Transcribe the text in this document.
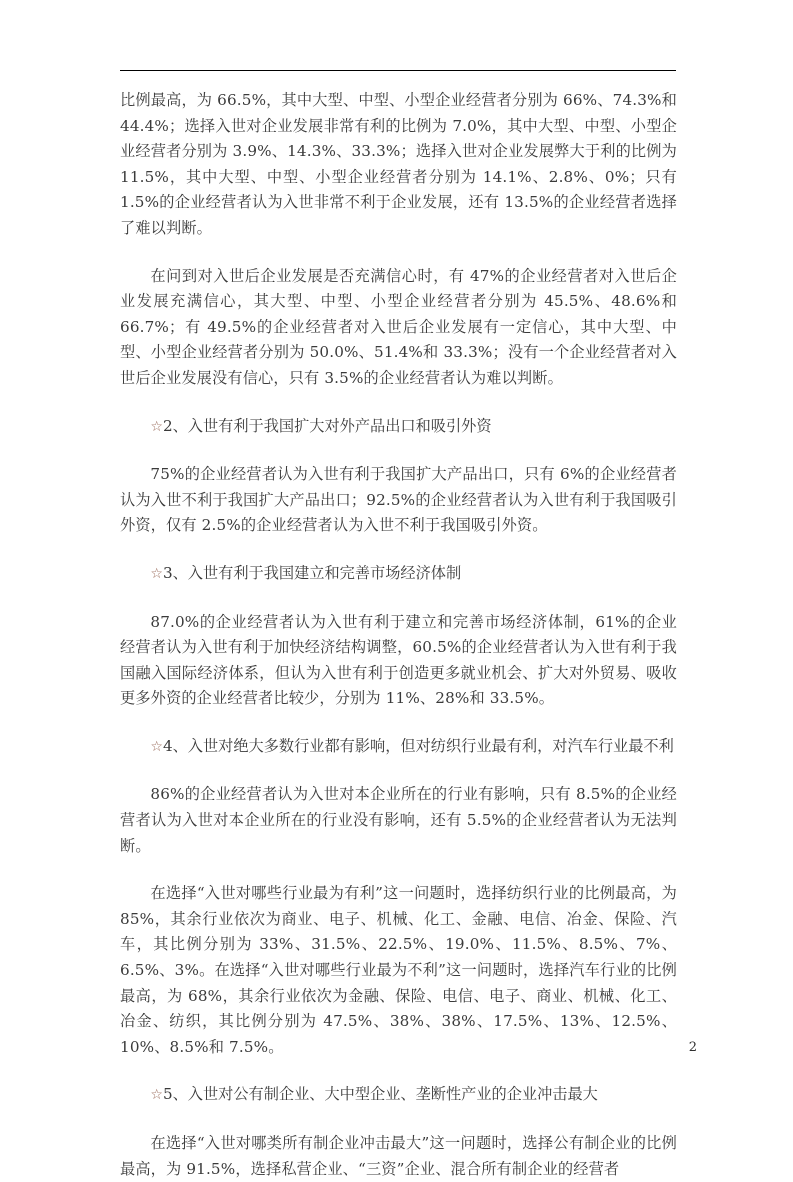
比例最高，为 66.5%，其中大型、中型、小型企业经营者分别为 66%、74.3%和 44.4%；选择入世对企业发展非常有利的比例为 7.0%，其中大型、中型、小型企业经营者分别为 3.9%、14.3%、33.3%；选择入世对企业发展弊大于利的比例为 11.5%，其中大型、中型、小型企业经营者分别为 14.1%、2.8%、0%；只有 1.5%的企业经营者认为入世非常不利于企业发展，还有 13.5%的企业经营者选择了难以判断。

在问到对入世后企业发展是否充满信心时，有 47%的企业经营者对入世后企业发展充满信心，其大型、中型、小型企业经营者分别为 45.5%、48.6%和 66.7%；有 49.5%的企业经营者对入世后企业发展有一定信心，其中大型、中型、小型企业经营者分别为 50.0%、51.4%和 33.3%；没有一个企业经营者对入世后企业发展没有信心，只有 3.5%的企业经营者认为难以判断。

☆2、入世有利于我国扩大对外产品出口和吸引外资

75%的企业经营者认为入世有利于我国扩大产品出口，只有 6%的企业经营者认为入世不利于我国扩大产品出口；92.5%的企业经营者认为入世有利于我国吸引外资，仅有 2.5%的企业经营者认为入世不利于我国吸引外资。

☆3、入世有利于我国建立和完善市场经济体制

87.0%的企业经营者认为入世有利于建立和完善市场经济体制，61%的企业经营者认为入世有利于加快经济结构调整，60.5%的企业经营者认为入世有利于我国融入国际经济体系，但认为入世有利于创造更多就业机会、扩大对外贸易、吸收更多外资的企业经营者比较少，分别为 11%、28%和 33.5%。

☆4、入世对绝大多数行业都有影响，但对纺织行业最有利，对汽车行业最不利

86%的企业经营者认为入世对本企业所在的行业有影响，只有 8.5%的企业经营者认为入世对本企业所在的行业没有影响，还有 5.5%的企业经营者认为无法判断。

在选择“入世对哪些行业最为有利”这一问题时，选择纺织行业的比例最高，为 85%，其余行业依次为商业、电子、机械、化工、金融、电信、冶金、保险、汽车，其比例分别为 33%、31.5%、22.5%、19.0%、11.5%、8.5%、7%、6.5%、3%。在选择“入世对哪些行业最为不利”这一问题时，选择汽车行业的比例最高，为 68%，其余行业依次为金融、保险、电信、电子、商业、机械、化工、冶金、纺织，其比例分别为 47.5%、38%、38%、17.5%、13%、12.5%、10%、8.5%和 7.5%。

☆5、入世对公有制企业、大中型企业、垄断性产业的企业冲击最大

在选择“入世对哪类所有制企业冲击最大”这一问题时，选择公有制企业的比例最高，为 91.5%，选择私营企业、“三资”企业、混合所有制企业的经营者

2
